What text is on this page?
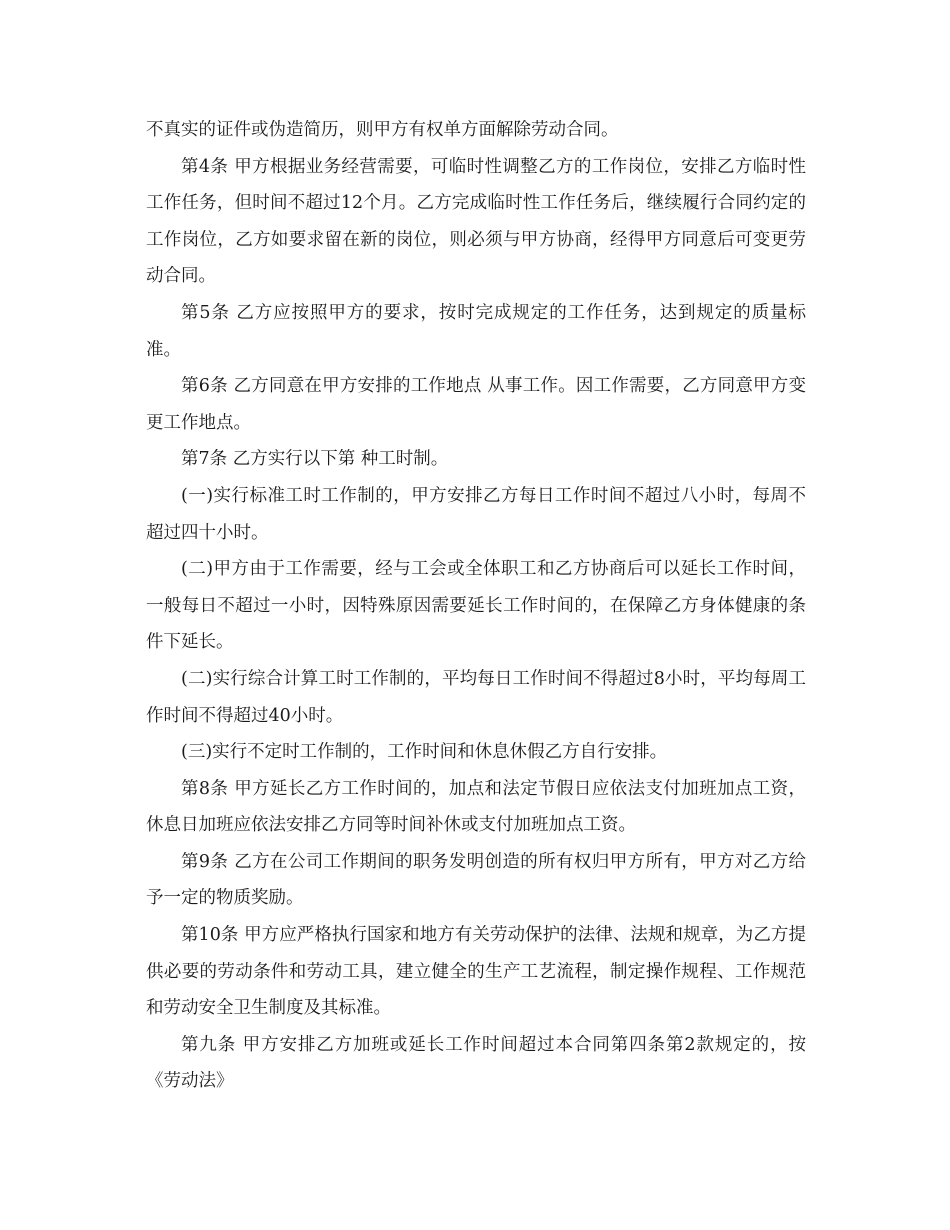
不真实的证件或伪造简历，则甲方有权单方面解除劳动合同。

第4条 甲方根据业务经营需要，可临时性调整乙方的工作岗位，安排乙方临时性工作任务，但时间不超过12个月。乙方完成临时性工作任务后，继续履行合同约定的工作岗位，乙方如要求留在新的岗位，则必须与甲方协商，经得甲方同意后可变更劳动合同。

第5条 乙方应按照甲方的要求，按时完成规定的工作任务，达到规定的质量标准。

第6条 乙方同意在甲方安排的工作地点 从事工作。因工作需要，乙方同意甲方变更工作地点。

第7条 乙方实行以下第 种工时制。

(一)实行标准工时工作制的，甲方安排乙方每日工作时间不超过八小时，每周不超过四十小时。

(二)甲方由于工作需要，经与工会或全体职工和乙方协商后可以延长工作时间，一般每日不超过一小时，因特殊原因需要延长工作时间的，在保障乙方身体健康的条件下延长。

(二)实行综合计算工时工作制的，平均每日工作时间不得超过8小时，平均每周工作时间不得超过40小时。

(三)实行不定时工作制的，工作时间和休息休假乙方自行安排。

第8条 甲方延长乙方工作时间的，加点和法定节假日应依法支付加班加点工资，休息日加班应依法安排乙方同等时间补休或支付加班加点工资。

第9条 乙方在公司工作期间的职务发明创造的所有权归甲方所有，甲方对乙方给予一定的物质奖励。

第10条 甲方应严格执行国家和地方有关劳动保护的法律、法规和规章，为乙方提供必要的劳动条件和劳动工具，建立健全的生产工艺流程，制定操作规程、工作规范和劳动安全卫生制度及其标准。

第九条 甲方安排乙方加班或延长工作时间超过本合同第四条第2款规定的，按《劳动法》
